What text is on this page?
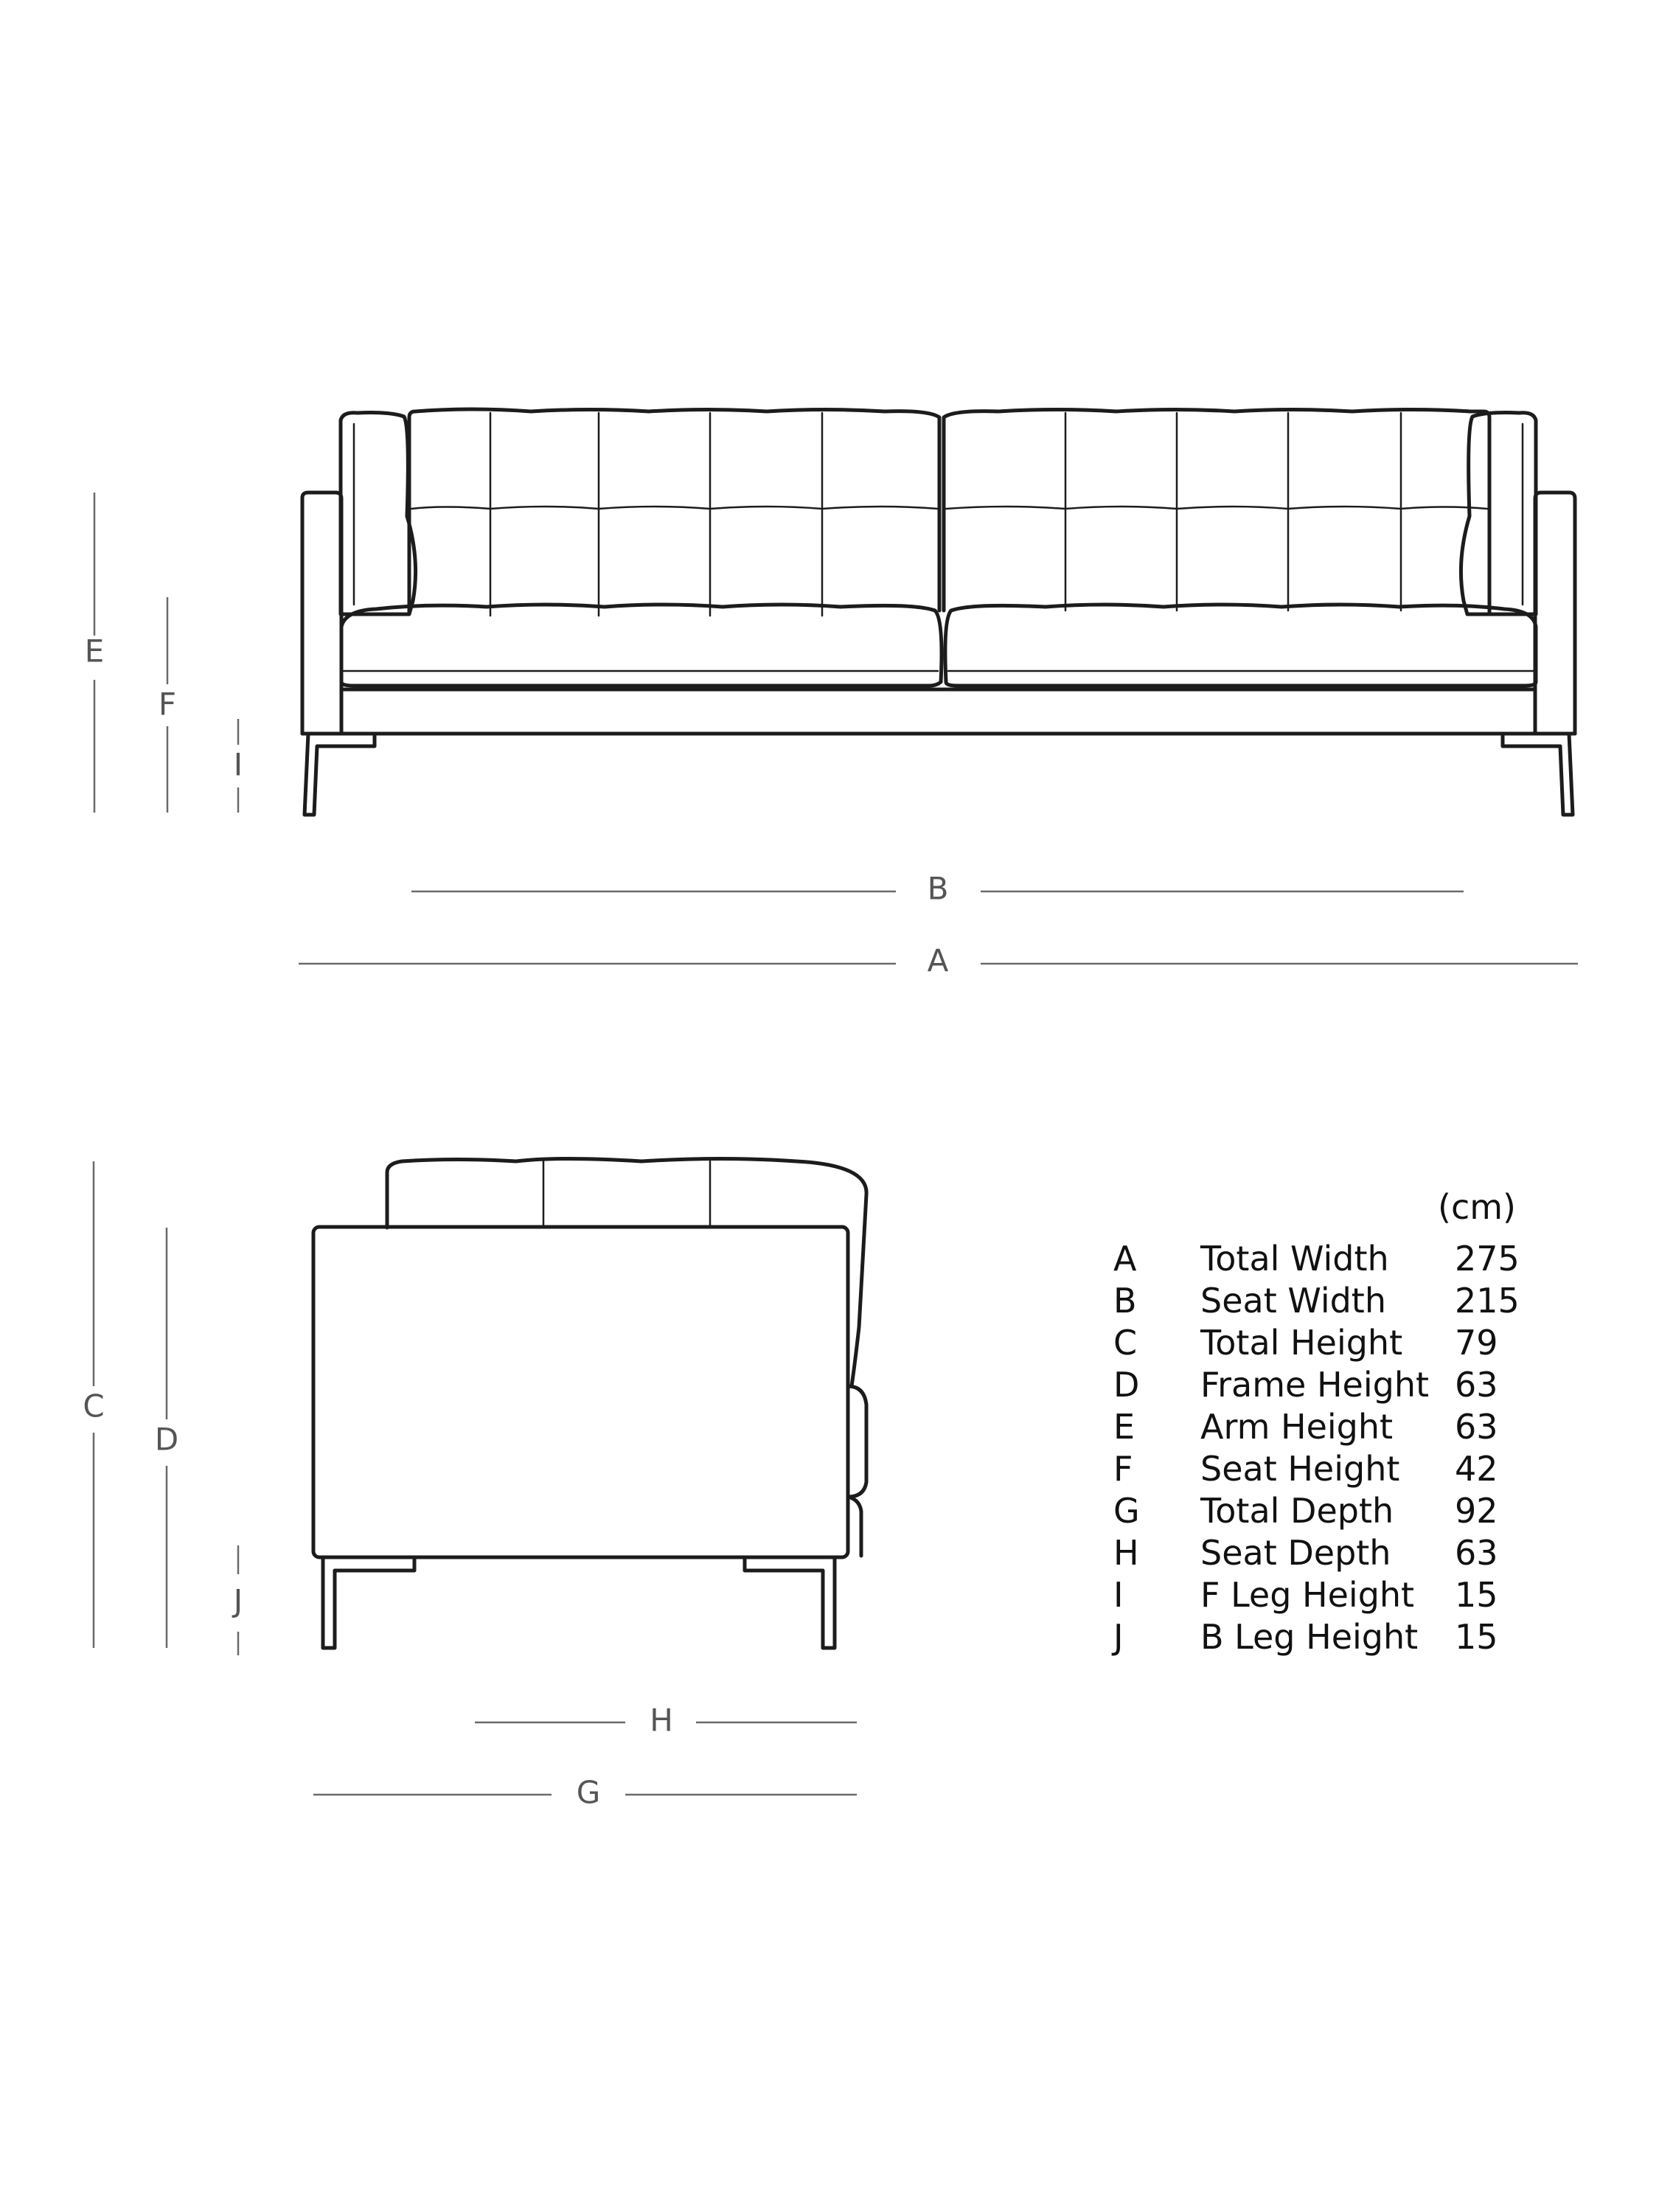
E
F
I
B
A
C
D
J
H
G
(cm)
A Total Width 275
B Seat Width 215
C Total Height 79
D Frame Height 63
E Arm Height 63
F Seat Height 42
G Total Depth 92
H Seat Depth 63
I F Leg Height 15
J B Leg Height 15
